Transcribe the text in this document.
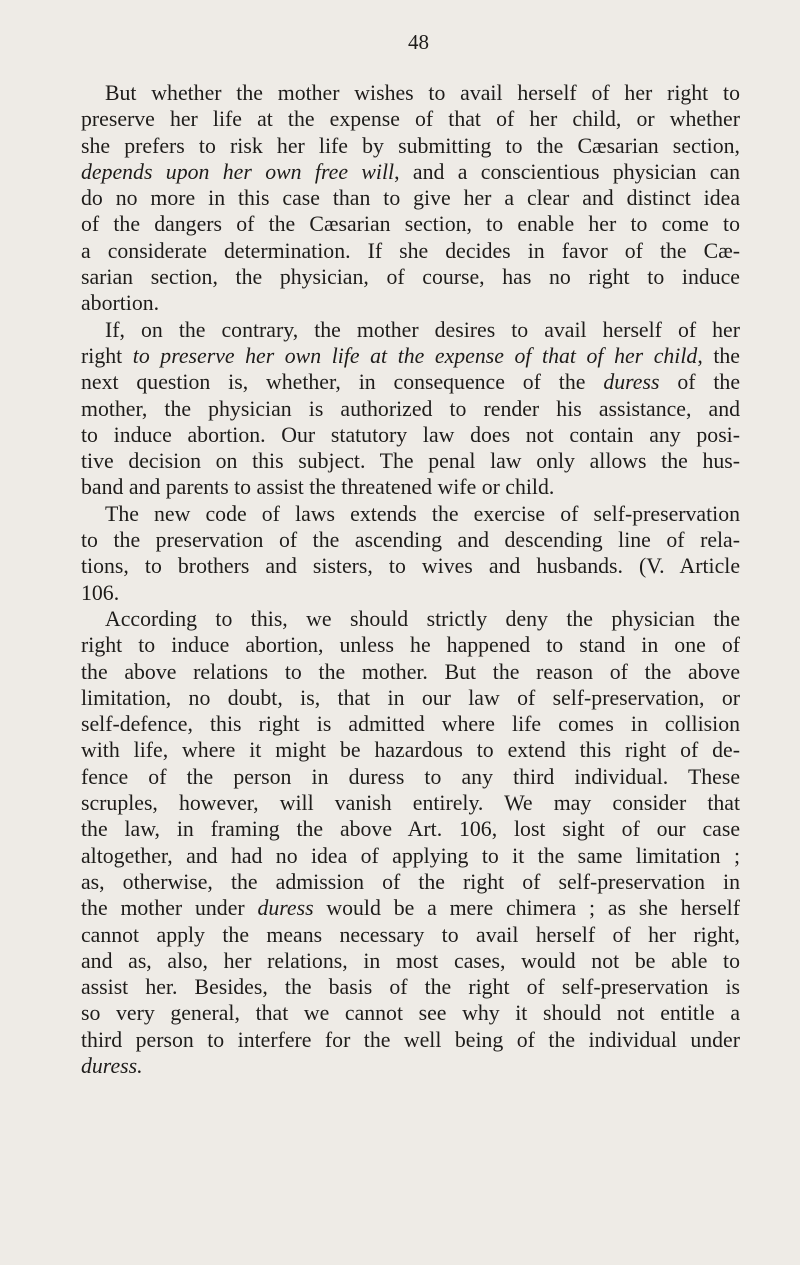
48

But whether the mother wishes to avail herself of her right to
preserve her life at the expense of that of her child, or whether
she prefers to risk her life by submitting to the Cæsarian section,
depends upon her own free will, and a conscientious physician can
do no more in this case than to give her a clear and distinct idea
of the dangers of the Cæsarian section, to enable her to come to
a considerate determination. If she decides in favor of the Cæ-
sarian section, the physician, of course, has no right to induce
abortion.

If, on the contrary, the mother desires to avail herself of her
right to preserve her own life at the expense of that of her child, the
next question is, whether, in consequence of the duress of the
mother, the physician is authorized to render his assistance, and
to induce abortion. Our statutory law does not contain any posi-
tive decision on this subject. The penal law only allows the hus-
band and parents to assist the threatened wife or child.

The new code of laws extends the exercise of self-preservation
to the preservation of the ascending and descending line of rela-
tions, to brothers and sisters, to wives and husbands. (V. Article
106.

According to this, we should strictly deny the physician the
right to induce abortion, unless he happened to stand in one of
the above relations to the mother. But the reason of the above
limitation, no doubt, is, that in our law of self-preservation, or
self-defence, this right is admitted where life comes in collision
with life, where it might be hazardous to extend this right of de-
fence of the person in duress to any third individual. These
scruples, however, will vanish entirely. We may consider that
the law, in framing the above Art. 106, lost sight of our case
altogether, and had no idea of applying to it the same limitation ;
as, otherwise, the admission of the right of self-preservation in
the mother under duress would be a mere chimera ; as she herself
cannot apply the means necessary to avail herself of her right,
and as, also, her relations, in most cases, would not be able to
assist her. Besides, the basis of the right of self-preservation is
so very general, that we cannot see why it should not entitle a
third person to interfere for the well being of the individual under
duress.
